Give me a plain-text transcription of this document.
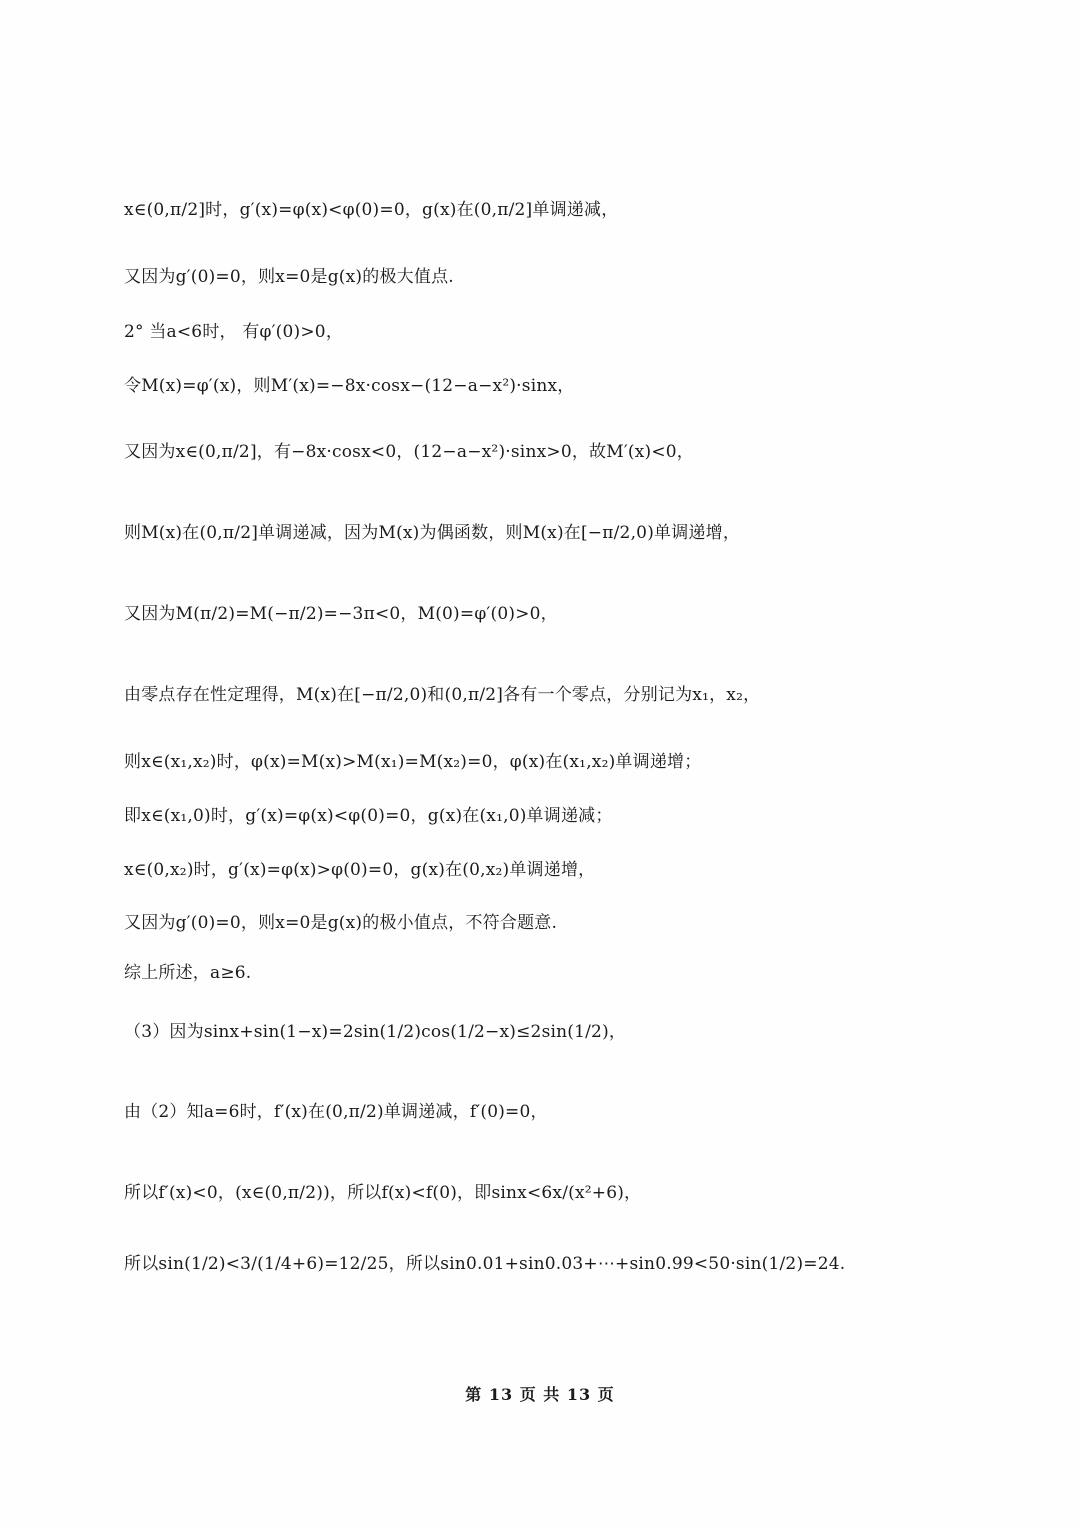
x∈(0,π/2]时，g′(x)=φ(x)<φ(0)=0，g(x)在(0,π/2]单调递减，
又因为g′(0)=0，则x=0是g(x)的极大值点.
2° 当a<6时， 有φ′(0)>0，
令M(x)=φ′(x)，则M′(x)=−8x·cosx−(12−a−x²)·sinx，
又因为x∈(0,π/2]，有−8x·cosx<0，(12−a−x²)·sinx>0，故M′(x)<0，
则M(x)在(0,π/2]单调递减，因为M(x)为偶函数，则M(x)在[−π/2,0)单调递增，
又因为M(π/2)=M(−π/2)=−3π<0，M(0)=φ′(0)>0，
由零点存在性定理得，M(x)在[−π/2,0)和(0,π/2]各有一个零点，分别记为x₁，x₂，
则x∈(x₁,x₂)时，φ(x)=M(x)>M(x₁)=M(x₂)=0，φ(x)在(x₁,x₂)单调递增；
即x∈(x₁,0)时，g′(x)=φ(x)<φ(0)=0，g(x)在(x₁,0)单调递减；
x∈(0,x₂)时，g′(x)=φ(x)>φ(0)=0，g(x)在(0,x₂)单调递增，
又因为g′(0)=0，则x=0是g(x)的极小值点，不符合题意.
综上所述，a≥6.
（3）因为sinx+sin(1−x)=2sin(1/2)cos(1/2−x)≤2sin(1/2)，
由（2）知a=6时，f′(x)在(0,π/2)单调递减，f′(0)=0，
所以f′(x)<0，(x∈(0,π/2))，所以f(x)<f(0)，即sinx<6x/(x²+6)，
所以sin(1/2)<3/(1/4+6)=12/25，所以sin0.01+sin0.03+⋯+sin0.99<50·sin(1/2)=24.
第 13 页 共 13 页
